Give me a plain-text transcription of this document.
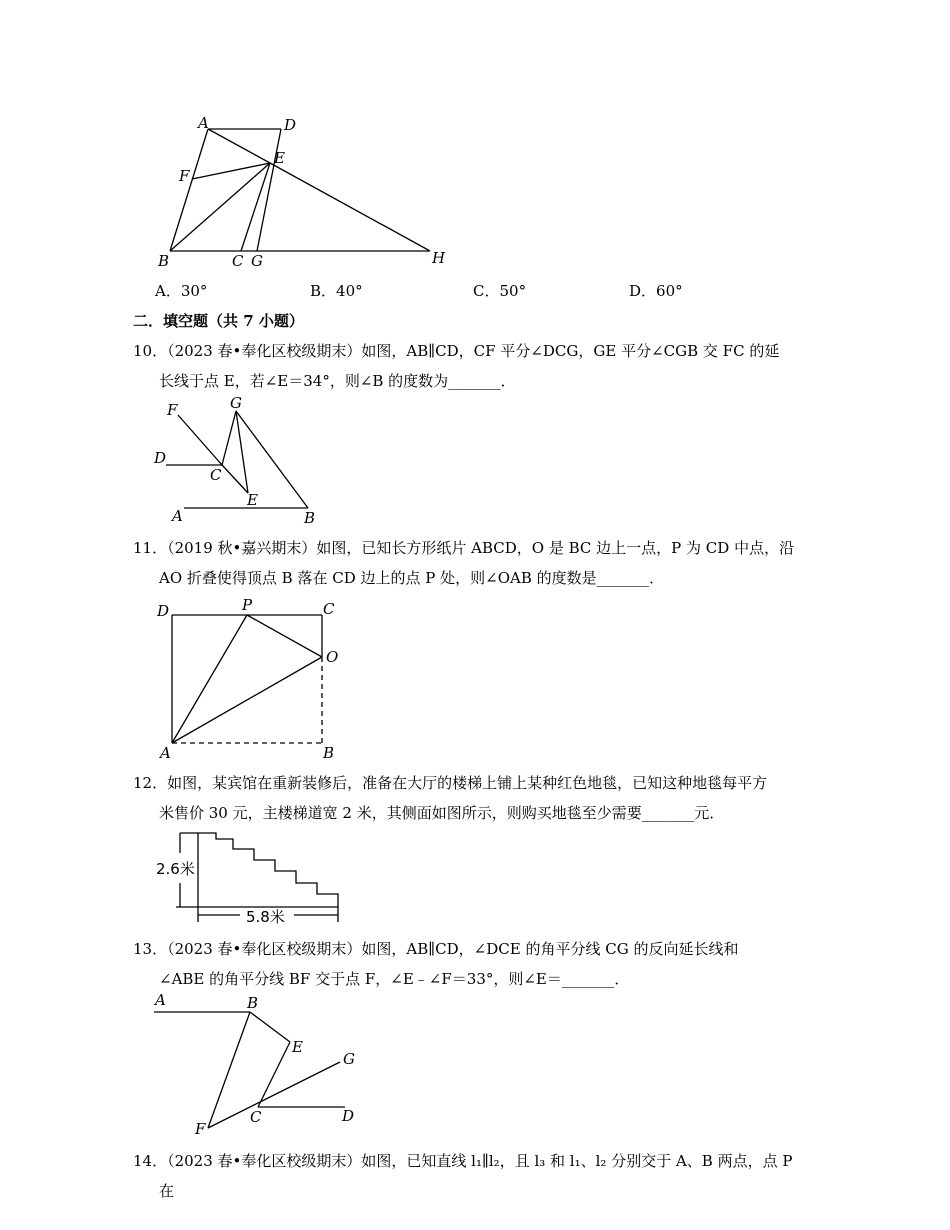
A	D
E
F
B	C G	H
A．30°	B．40°	C．50°	D．60°
二．填空题（共 7 小题）
10．（2023 春•奉化区校级期末）如图，AB∥CD，CF 平分∠DCG，GE 平分∠CGB 交 FC 的延
长线于点 E，若∠E＝34°，则∠B 的度数为_______．
F	G
D
C
E
A	B
11．（2019 秋•嘉兴期末）如图，已知长方形纸片 ABCD，O 是 BC 边上一点，P 为 CD 中点，沿
AO 折叠使得顶点 B 落在 CD 边上的点 P 处，则∠OAB 的度数是_______．
D	P	C
O
A	B
12．如图，某宾馆在重新装修后，准备在大厅的楼梯上铺上某种红色地毯，已知这种地毯每平方
米售价 30 元，主楼梯道宽 2 米，其侧面如图所示，则购买地毯至少需要_______元．
2.6米
5.8米
13．（2023 春•奉化区校级期末）如图，AB∥CD，∠DCE 的角平分线 CG 的反向延长线和
∠ABE 的角平分线 BF 交于点 F，∠E﹣∠F＝33°，则∠E＝_______．
A	B
E
G
C	D
F
14．（2023 春•奉化区校级期末）如图，已知直线 l₁∥l₂，且 l₃ 和 l₁、l₂ 分别交于 A、B 两点，点 P
在
